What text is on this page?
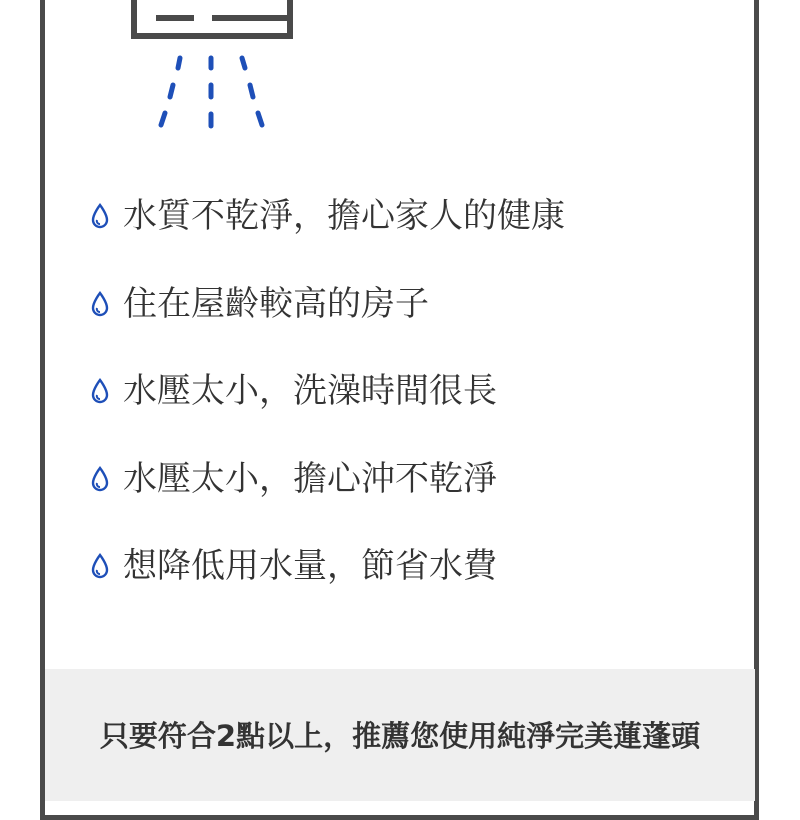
水質不乾淨，擔心家人的健康
住在屋齡較高的房子
水壓太小，洗澡時間很長
水壓太小，擔心沖不乾淨
想降低用水量，節省水費
只要符合2點以上，推薦您使用純淨完美蓮蓬頭
